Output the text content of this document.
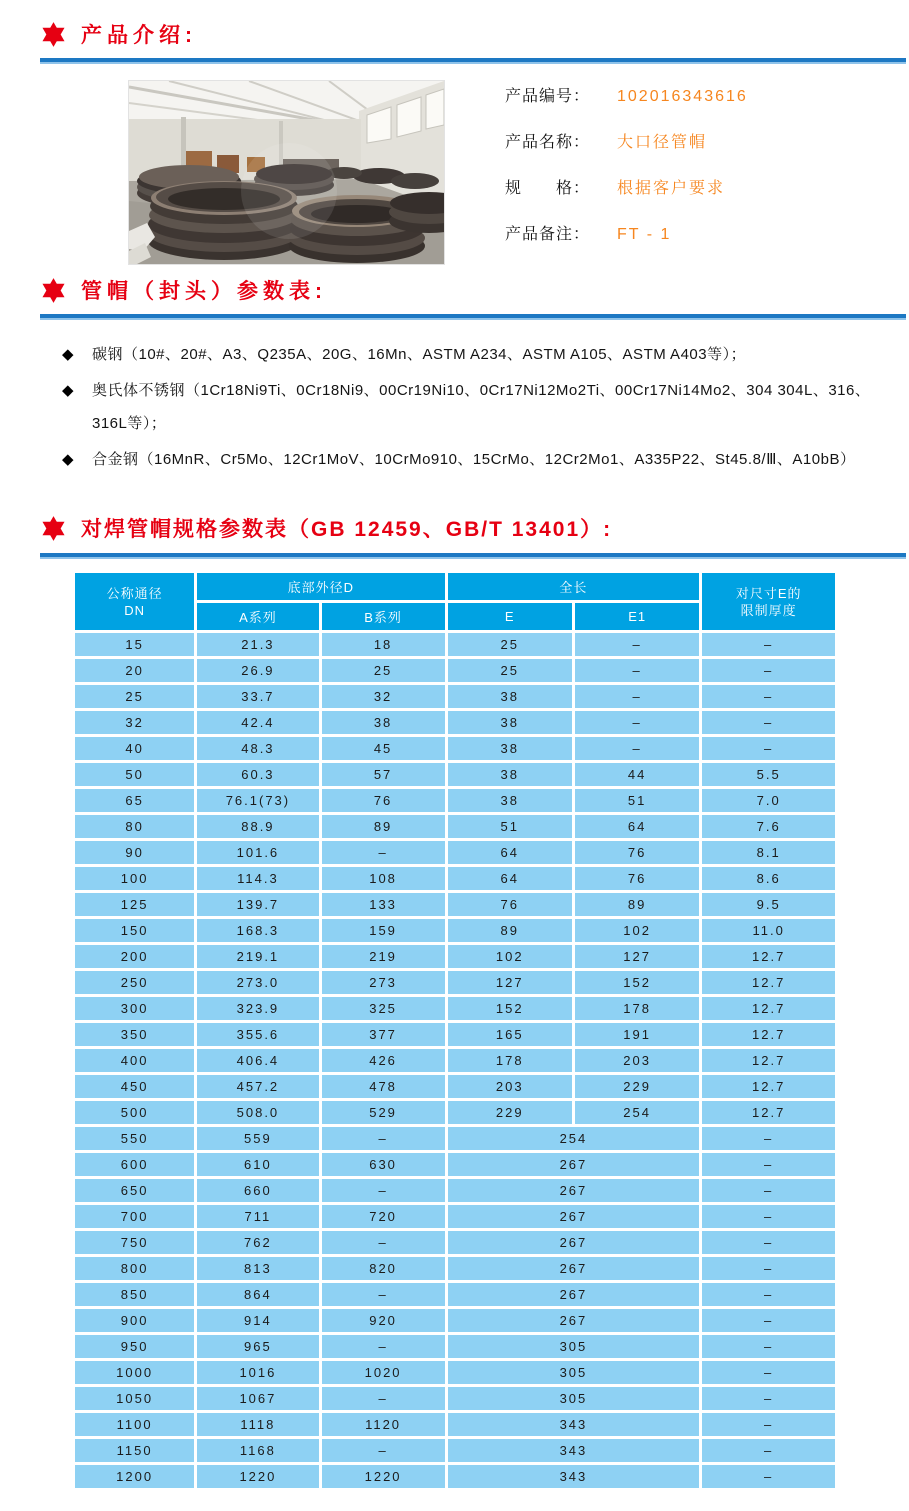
产品介绍:
产品编号：	102016343616
产品名称：	大口径管帽
规　　格：	根据客户要求
产品备注：	FT - 1
管帽（封头）参数表:
◆ 碳钢（10#、20#、A3、Q235A、20G、16Mn、ASTM A234、ASTM A105、ASTM A403等）；
◆ 奥氏体不锈钢（1Cr18Ni9Ti、0Cr18Ni9、00Cr19Ni10、0Cr17Ni12Mo2Ti、00Cr17Ni14Mo2、304 304L、316、316L等）；
◆ 合金钢（16MnR、Cr5Mo、12Cr1MoV、10CrMo910、15CrMo、12Cr2Mo1、A335P22、St45.8/Ⅲ、A10bB）
对焊管帽规格参数表（GB 12459、GB/T 13401）:
公称通径
DN	底部外径D		全长		对尺寸E的
限制厚度

	A系列	B系列	E	E1	
15	21.3	18	25	–	–
20	26.9	25	25	–	–
25	33.7	32	38	–	–
32	42.4	38	38	–	–
40	48.3	45	38	–	–
50	60.3	57	38	44	5.5
65	76.1(73)	76	38	51	7.0
80	88.9	89	51	64	7.6
90	101.6	–	64	76	8.1
100	114.3	108	64	76	8.6
125	139.7	133	76	89	9.5
150	168.3	159	89	102	11.0
200	219.1	219	102	127	12.7
250	273.0	273	127	152	12.7
300	323.9	325	152	178	12.7
350	355.6	377	165	191	12.7
400	406.4	426	178	203	12.7
450	457.2	478	203	229	12.7
500	508.0	529	229	254	12.7
550	559	–	254		–
600	610	630	267		–
650	660	–	267		–
700	711	720	267		–
750	762	–	267		–
800	813	820	267		–
850	864	–	267		–
900	914	920	267		–
950	965	–	305		–
1000	1016	1020	305		–
1050	1067	–	305		–
1100	1118	1120	343		–
1150	1168	–	343		–
1200	1220	1220	343		–
